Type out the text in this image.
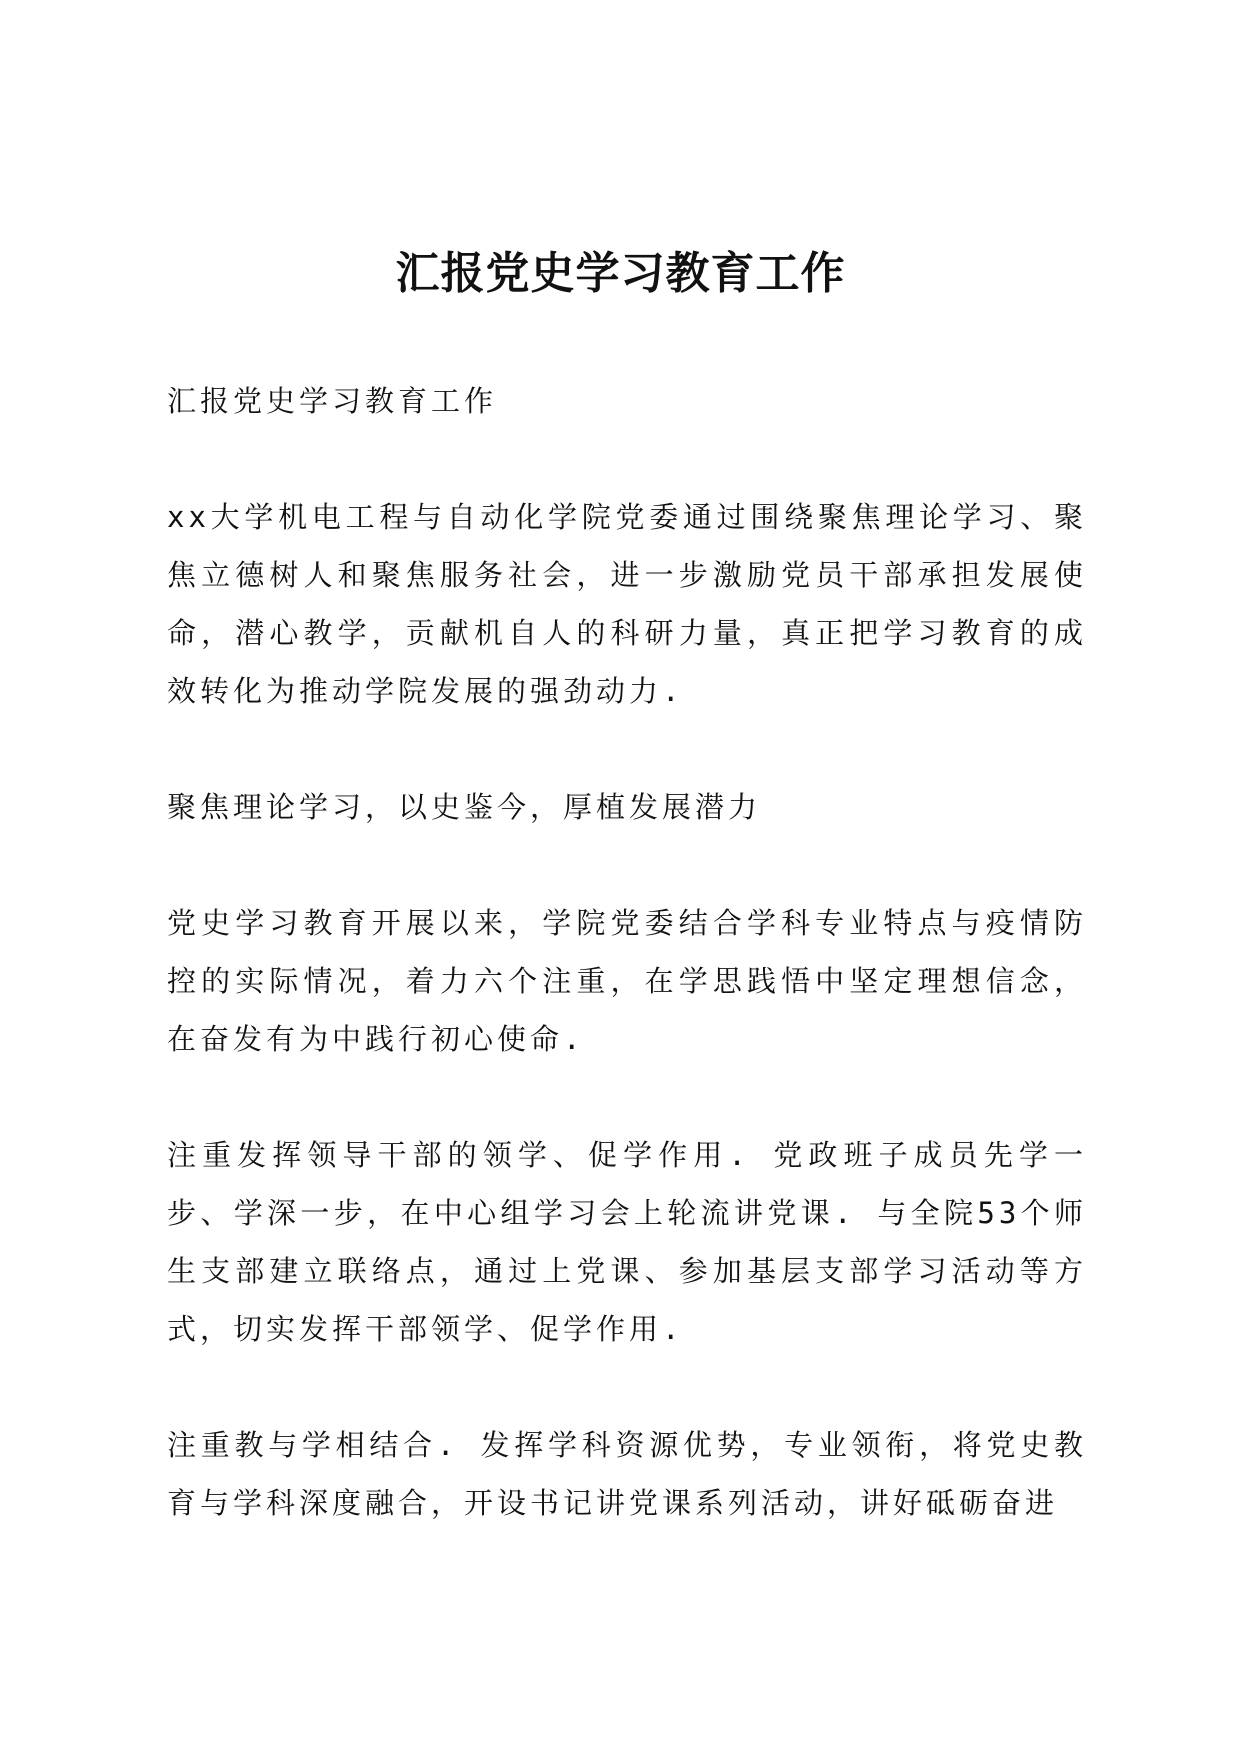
汇报党史学习教育工作

汇报党史学习教育工作

xx大学机电工程与自动化学院党委通过围绕聚焦理论学习、聚焦立德树人和聚焦服务社会，进一步激励党员干部承担发展使命，潜心教学，贡献机自人的科研力量，真正把学习教育的成效转化为推动学院发展的强劲动力.

聚焦理论学习，以史鉴今，厚植发展潜力

党史学习教育开展以来，学院党委结合学科专业特点与疫情防控的实际情况，着力六个注重，在学思践悟中坚定理想信念，在奋发有为中践行初心使命.

注重发挥领导干部的领学、促学作用. 党政班子成员先学一步、学深一步，在中心组学习会上轮流讲党课. 与全院53个师生支部建立联络点，通过上党课、参加基层支部学习活动等方式，切实发挥干部领学、促学作用.

注重教与学相结合. 发挥学科资源优势，专业领衔，将党史教育与学科深度融合，开设书记讲党课系列活动，讲好砥砺奋进
